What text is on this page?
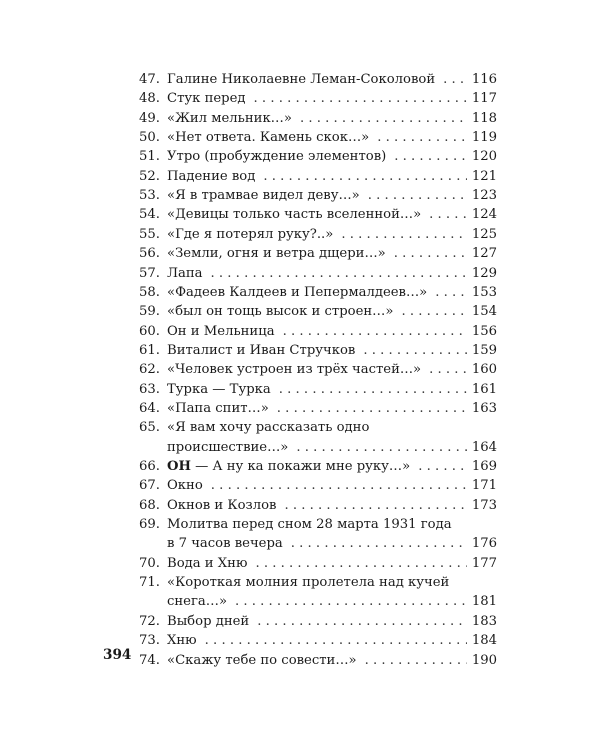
47. Галине Николаевне Леман-Соколовой . . .	116
48. Стук перед . . .	117
49. «Жил мельник…» . . .	118
50. «Нет ответа. Камень скок…» . . .	119
51. Утро (пробуждение элементов) . . .	120
52. Падение вод . . .	121
53. «Я в трамвае видел деву…» . . .	123
54. «Девицы только часть вселенной…» . . .	124
55. «Где я потерял руку?..» . . .	125
56. «Земли, огня и ветра дщери…» . . .	127
57. Лапа . . .	129
58. «Фадеев Калдеев и Пепермалдеев…» . . .	153
59. «был он тощь высок и строен…» . . .	154
60. Он и Мельница . . .	156
61. Виталист и Иван Стручков . . .	159
62. «Человек устроен из трёх частей…» . . .	160
63. Турка — Турка . . .	161
64. «Папа спит…» . . .	163
65. «Я вам хочу рассказать одно
происшествие…» . . .	164
66. ОН — А ну ка покажи мне руку…» . . .	169
67. Окно . . .	171
68. Окнов и Козлов . . .	173
69. Молитва перед сном 28 марта 1931 года
в 7 часов вечера . . .	176
70. Вода и Хню . . .	177
71. «Короткая молния пролетела над кучей
снега…» . . .	181
72. Выбор дней . . .	183
73. Хню . . .	184
74. «Скажу тебе по совести…» . . .	190
394
